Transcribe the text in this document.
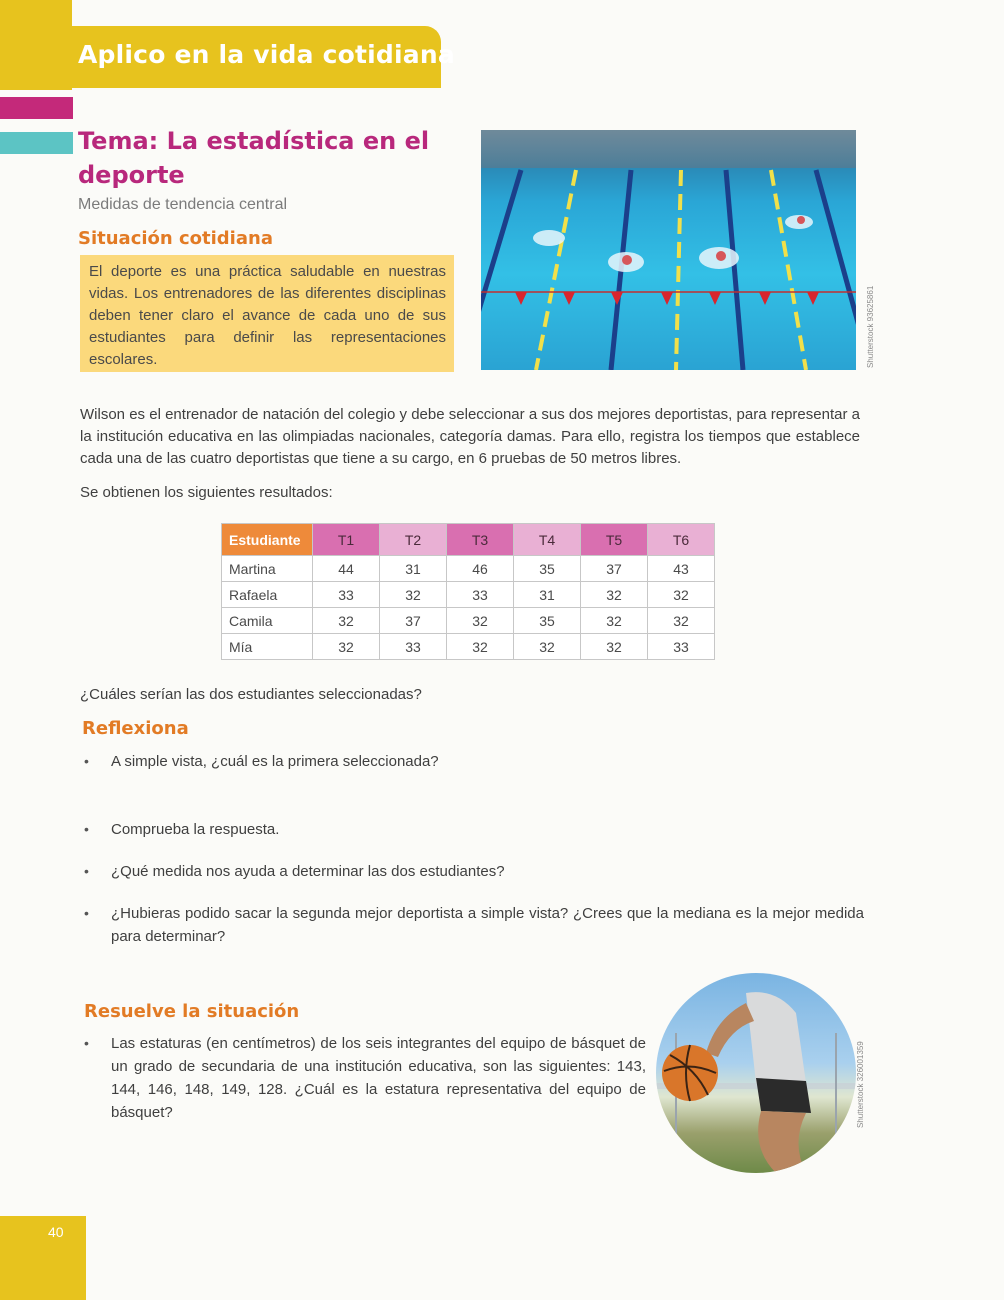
Aplico en la vida cotidiana
Tema: La estadística en el deporte
Medidas de tendencia central
Situación cotidiana
El deporte es una práctica saludable en nuestras vidas. Los entrenadores de las diferentes disciplinas deben tener claro el avance de cada uno de sus estudiantes para definir las representaciones escolares.	Shutterstock 93625861
Wilson es el entrenador de natación del colegio y debe seleccionar a sus dos mejores deportistas, para representar a la institución educativa en las olimpiadas nacionales, categoría damas. Para ello, registra los tiempos que establece cada una de las cuatro deportistas que tiene a su cargo, en 6 pruebas de 50 metros libres.
Se obtienen los siguientes resultados:
Estudiante	T1	T2	T3	T4	T5	T6
Martina	44	31	46	35	37	43
Rafaela	33	32	33	31	32	32
Camila	32	37	32	35	32	32
Mía	32	33	32	32	32	33
¿Cuáles serían las dos estudiantes seleccionadas?
Reflexiona
•	A simple vista, ¿cuál es la primera seleccionada?
•	Comprueba la respuesta.
•	¿Qué medida nos ayuda a determinar las dos estudiantes?
•	¿Hubieras podido sacar la segunda mejor deportista a simple vista? ¿Crees que la mediana es la mejor medida para determinar?
Resuelve la situación
•	Las estaturas (en centímetros) de los seis integrantes del equipo de básquet de un grado de secundaria de una institución educativa, son las siguientes: 143, 144, 146, 148, 149, 128. ¿Cuál es la estatura representativa del equipo de básquet?	Shutterstock 326001359
40
